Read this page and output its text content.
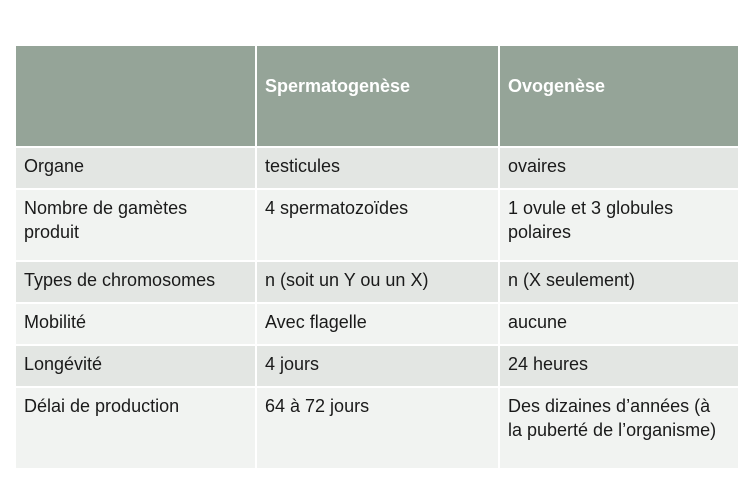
	Spermatogenèse	Ovogenèse
Organe	testicules	ovaires
Nombre de gamètes produit	4 spermatozoïdes	1 ovule et 3 globules polaires
Types de chromosomes	n (soit un Y ou un X)	n (X seulement)
Mobilité	Avec flagelle	aucune
Longévité	4 jours	24 heures
Délai de production	64 à 72 jours	Des dizaines d’années (à la puberté de l’organisme)
